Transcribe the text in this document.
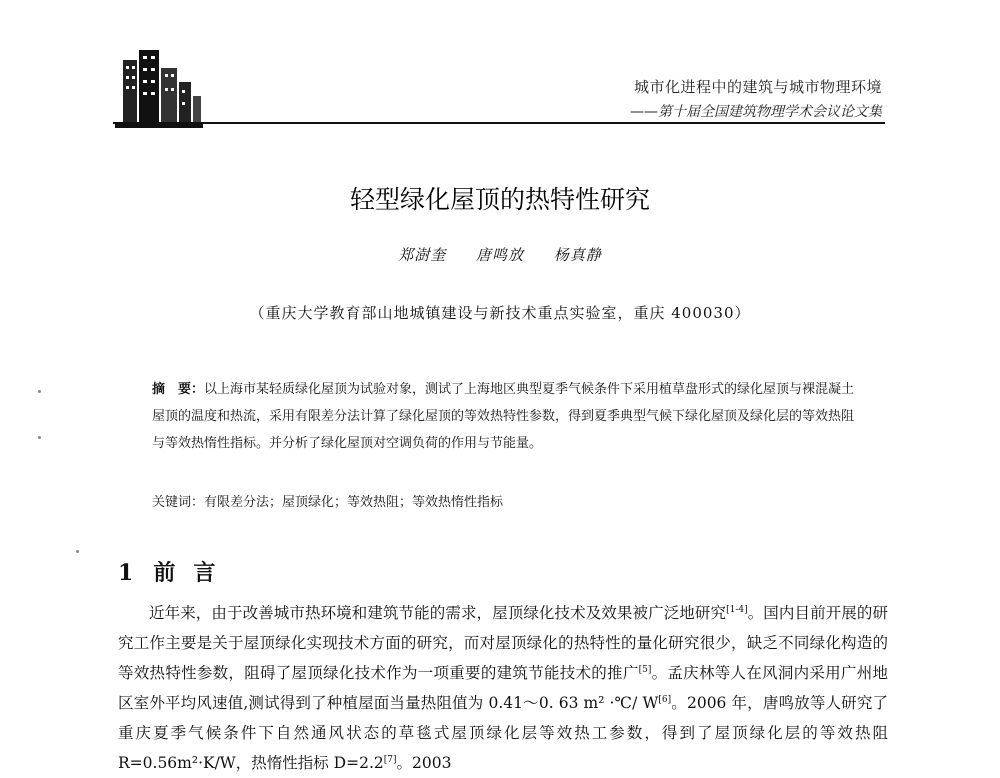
城市化进程中的建筑与城市物理环境
——第十届全国建筑物理学术会议论文集
轻型绿化屋顶的热特性研究
郑澍奎 唐鸣放 杨真静
（重庆大学教育部山地城镇建设与新技术重点实验室，重庆 400030）
摘　要：以上海市某轻质绿化屋顶为试验对象，测试了上海地区典型夏季气候条件下采用植草盘形式的绿化屋顶与裸混凝土屋顶的温度和热流，采用有限差分法计算了绿化屋顶的等效热特性参数，得到夏季典型气候下绿化屋顶及绿化层的等效热阻与等效热惰性指标。并分析了绿化屋顶对空调负荷的作用与节能量。
关键词：有限差分法；屋顶绿化；等效热阻；等效热惰性指标
1 前言

近年来，由于改善城市热环境和建筑节能的需求，屋顶绿化技术及效果被广泛地研究[1-4]。国内目前开展的研究工作主要是关于屋顶绿化实现技术方面的研究，而对屋顶绿化的热特性的量化研究很少，缺乏不同绿化构造的等效热特性参数，阻碍了屋顶绿化技术作为一项重要的建筑节能技术的推广[5]。孟庆林等人在风洞内采用广州地区室外平均风速值,测试得到了种植屋面当量热阻值为 0.41～0. 63 m² ·℃/ W[6]。2006 年，唐鸣放等人研究了重庆夏季气候条件下自然通风状态的草毯式屋顶绿化层等效热工参数，得到了屋顶绿化层的等效热阻 R=0.56m²·K/W，热惰性指标 D=2.2[7]。2003
